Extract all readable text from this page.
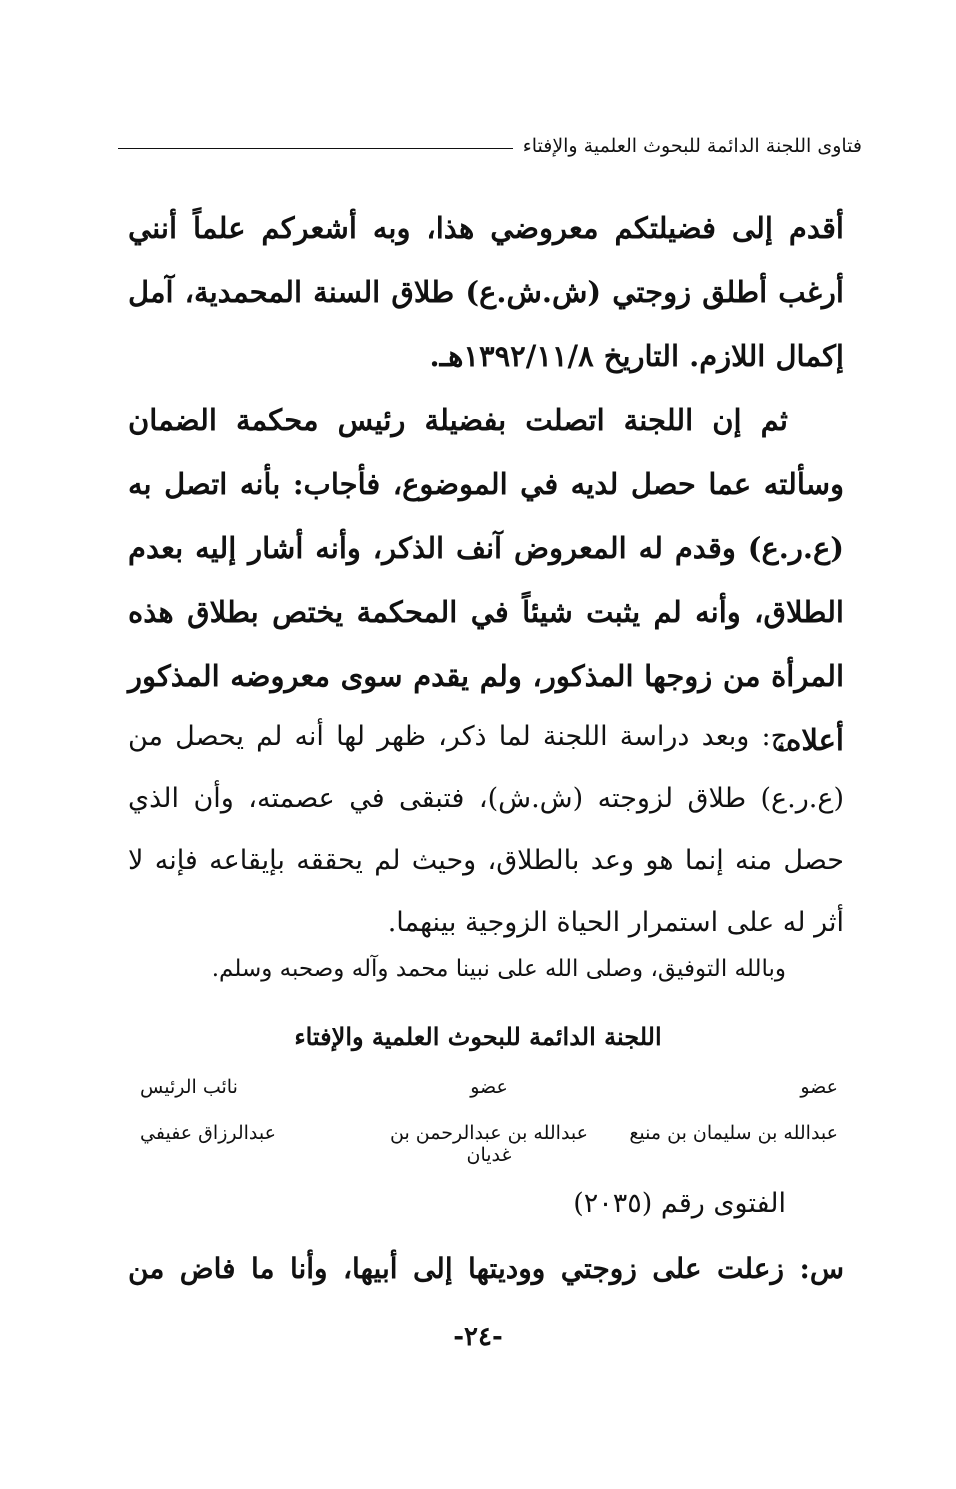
فتاوى اللجنة الدائمة للبحوث العلمية والإفتاء

أقدم إلى فضيلتكم معروضي هذا، وبه أشعركم علماً أنني أرغب أطلق زوجتي (ش.ش.ع) طلاق السنة المحمدية، آمل إكمال اللازم. التاريخ ١٣٩٢/١١/٨هـ.

ثم إن اللجنة اتصلت بفضيلة رئيس محكمة الضمان وسألته عما حصل لديه في الموضوع، فأجاب: بأنه اتصل به (ع.ر.ع) وقدم له المعروض آنف الذكر، وأنه أشار إليه بعدم الطلاق، وأنه لم يثبت شيئاً في المحكمة يختص بطلاق هذه المرأة من زوجها المذكور، ولم يقدم سوى معروضه المذكور أعلاه.

ج: وبعد دراسة اللجنة لما ذكر، ظهر لها أنه لم يحصل من (ع.ر.ع) طلاق لزوجته (ش.ش)، فتبقى في عصمته، وأن الذي حصل منه إنما هو وعد بالطلاق، وحيث لم يحققه بإيقاعه فإنه لا أثر له على استمرار الحياة الزوجية بينهما.

وبالله التوفيق، وصلى الله على نبينا محمد وآله وصحبه وسلم.
اللجنة الدائمة للبحوث العلمية والإفتاء
عضو
عضو
نائب الرئيس
عبدالله بن سليمان بن منيع
عبدالله بن عبدالرحمن بن غديان
عبدالرزاق عفيفي
الفتوى رقم (٢٠٣٥)
س: زعلت على زوجتي ووديتها إلى أبيها، وأنا ما فاض من
-٢٤-
